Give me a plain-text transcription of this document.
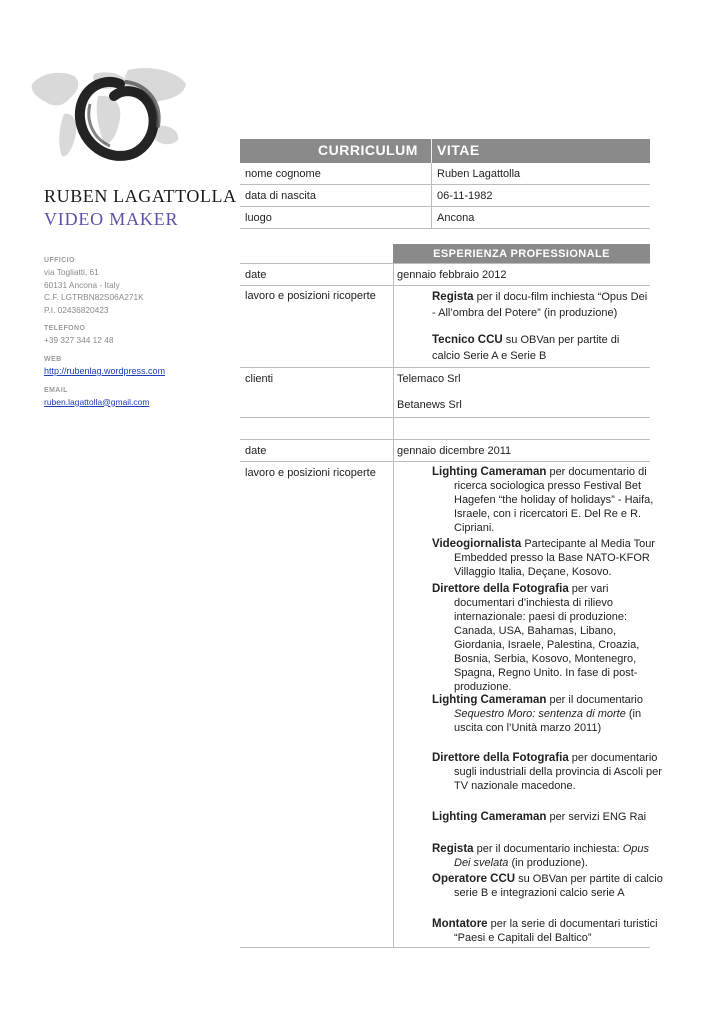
RUBEN LAGATTOLLA
VIDEO MAKER
UFFICIO
via Togliatti, 61
60131 Ancona - Italy
C.F. LGTRBN82S06A271K
P.I. 02436820423
TELEFONO
+39 327 344 12 48
WEB
http://rubenlag.wordpress.com
EMAIL
ruben.lagattolla@gmail.com
CURRICULUM VITAE
nome cognome	Ruben Lagattolla
data di nascita	06-11-1982
luogo	Ancona
ESPERIENZA PROFESSIONALE
date	gennaio febbraio 2012
lavoro e posizioni ricoperte	Regista per il docu-film inchiesta “Opus Dei - All’ombra del Potere” (in produzione)
Tecnico CCU su OBVan per partite di calcio Serie A e Serie B
clienti	Telemaco Srl
Betanews Srl
date	gennaio dicembre 2011
lavoro e posizioni ricoperte	Lighting Cameraman per documentario di ricerca sociologica presso Festival Bet Hagefen “the holiday of holidays” - Haifa, Israele, con i ricercatori E. Del Re e R. Cipriani.
Videogiornalista Partecipante al Media Tour Embedded presso la Base NATO-KFOR Villaggio Italia, Deçane, Kosovo.
Direttore della Fotografia per vari documentari d’inchiesta di rilievo internazionale: paesi di produzione: Canada, USA, Bahamas, Libano, Giordania, Israele, Palestina, Croazia, Bosnia, Serbia, Kosovo, Montenegro, Spagna, Regno Unito. In fase di post-produzione.
Lighting Cameraman per il documentario Sequestro Moro: sentenza di morte (in uscita con l’Unità marzo 2011)
Direttore della Fotografia per documentario sugli industriali della provincia di Ascoli per TV nazionale macedone.
Lighting Cameraman per servizi ENG Rai
Regista per il documentario inchiesta: Opus Dei svelata (in produzione).
Operatore CCU su OBVan per partite di calcio serie B e integrazioni calcio serie A
Montatore per la serie di documentari turistici “Paesi e Capitali del Baltico”
